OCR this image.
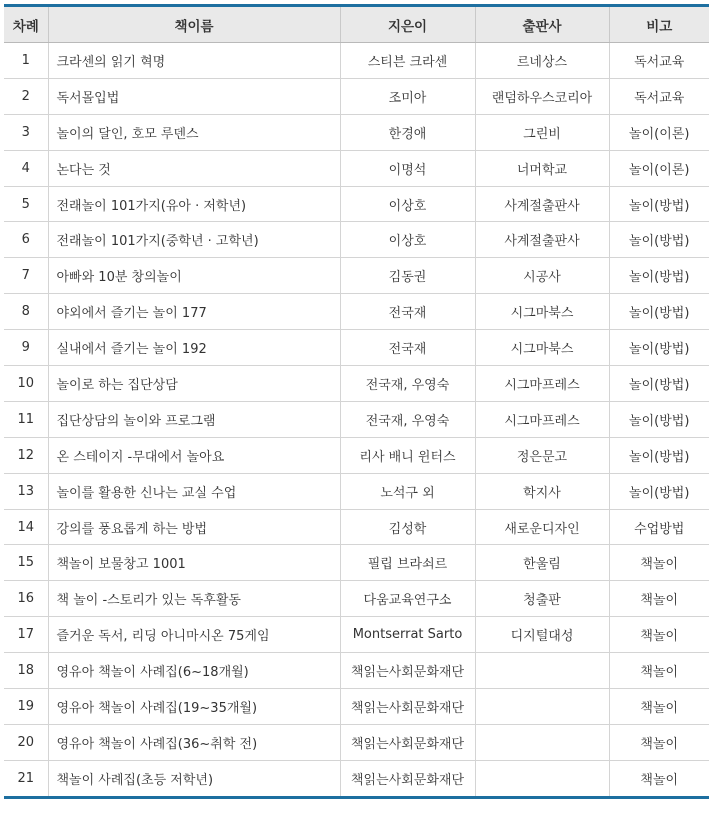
차례	책이름	지은이	출판사	비고
1	크라센의 읽기 혁명	스티븐 크라센	르네상스	독서교육
2	독서몰입법	조미아	랜덤하우스코리아	독서교육
3	놀이의 달인, 호모 루덴스	한경애	그린비	놀이(이론)
4	논다는 것	이명석	너머학교	놀이(이론)
5	전래놀이 101가지(유아 · 저학년)	이상호	사계절출판사	놀이(방법)
6	전래놀이 101가지(중학년 · 고학년)	이상호	사계절출판사	놀이(방법)
7	아빠와 10분 창의놀이	김동권	시공사	놀이(방법)
8	야외에서 즐기는 놀이 177	전국재	시그마북스	놀이(방법)
9	실내에서 즐기는 놀이 192	전국재	시그마북스	놀이(방법)
10	놀이로 하는 집단상담	전국재, 우영숙	시그마프레스	놀이(방법)
11	집단상담의 놀이와 프로그램	전국재, 우영숙	시그마프레스	놀이(방법)
12	온 스테이지 -무대에서 놀아요	리사 배니 윈터스	정은문고	놀이(방법)
13	놀이를 활용한 신나는 교실 수업	노석구 외	학지사	놀이(방법)
14	강의를 풍요롭게 하는 방법	김성학	새로운디자인	수업방법
15	책놀이 보물창고 1001	필립 브라쇠르	한울림	책놀이
16	책 놀이 -스토리가 있는 독후활동	다움교육연구소	청출판	책놀이
17	즐거운 독서, 리딩 아니마시온 75게임	Montserrat Sarto	디지털대성	책놀이
18	영유아 책놀이 사례집(6~18개월)	책읽는사회문화재단		책놀이
19	영유아 책놀이 사례집(19~35개월)	책읽는사회문화재단		책놀이
20	영유아 책놀이 사례집(36~취학 전)	책읽는사회문화재단		책놀이
21	책놀이 사례집(초등 저학년)	책읽는사회문화재단		책놀이
